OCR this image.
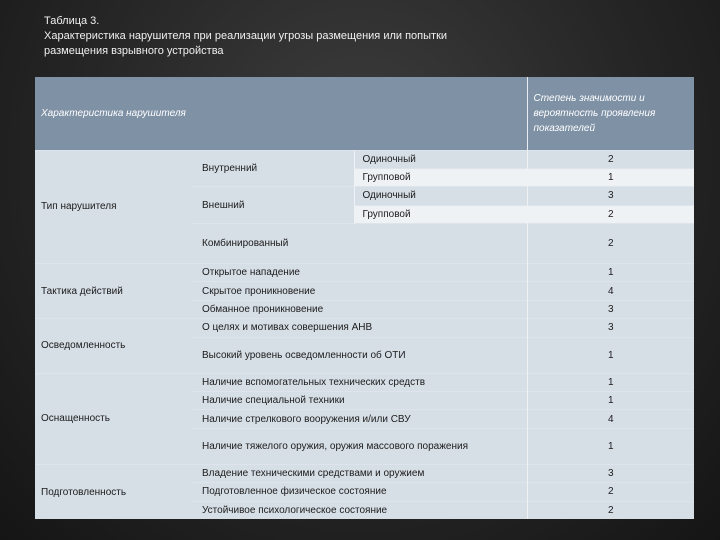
Таблица 3.
Характеристика нарушителя при реализации угрозы размещения или попытки
размещения взрывного устройства
Характеристика нарушителя			Степень значимости и вероятность проявления показателей
Тип нарушителя	Внутренний	Одиночный	2
		Групповой	1
	Внешний	Одиночный	3
		Групповой	2
	Комбинированный		2
Тактика действий	Открытое нападение		1
	Скрытое проникновение		4
	Обманное проникновение		3
Осведомленность	О целях и мотивах совершения АНВ		3
	Высокий уровень осведомленности об ОТИ		1
Оснащенность	Наличие вспомогательных технических средств		1
	Наличие специальной техники		1
	Наличие стрелкового вооружения и/или СВУ		4
	Наличие тяжелого оружия, оружия массового поражения		1
Подготовленность	Владение техническими средствами и оружием		3
	Подготовленное физическое состояние		2
	Устойчивое психологическое состояние		2
